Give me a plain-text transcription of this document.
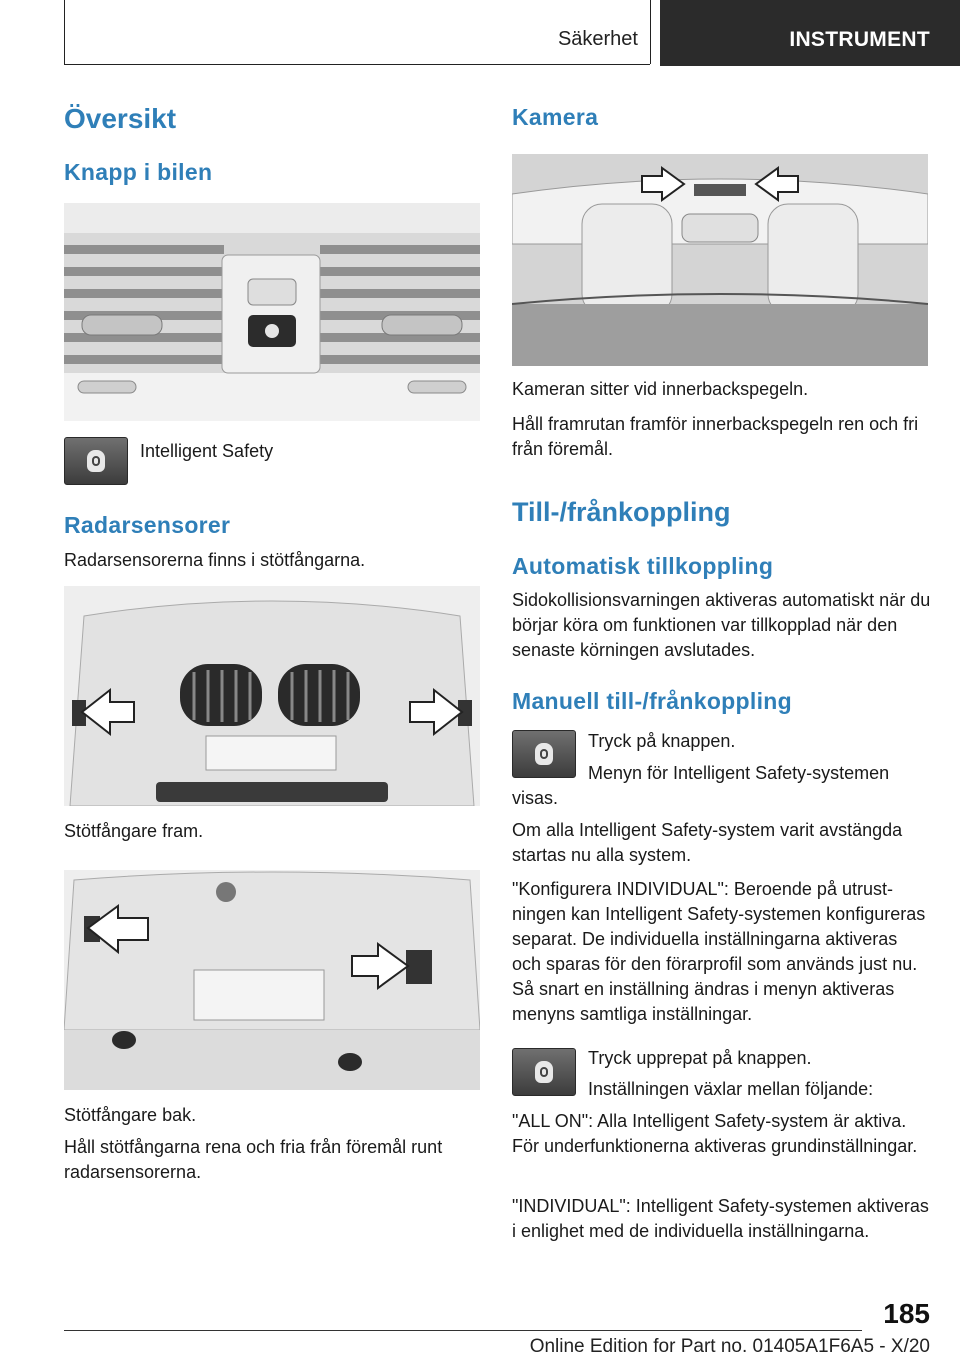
Säkerhet	INSTRUMENT
Översikt
Knapp i bilen

Intelligent Safety

Radarsensorer

Radarsensorerna finns i stötfångarna.

Stötfångare fram.

Stötfångare bak.

Håll stötfångarna rena och fria från föremål runt radarsensorerna.

Kamera

Kameran sitter vid innerbackspegeln.

Håll framrutan framför innerbackspegeln ren och fri från föremål.

Till-/frånkoppling
Automatisk tillkoppling

Sidokollisionsvarningen aktiveras automatiskt när du börjar köra om funktionen var tillkopplad när den senaste körningen avslutades.

Manuell till-/frånkoppling

Tryck på knappen.

Menyn för Intelligent Safety-systemen

visas.

Om alla Intelligent Safety-system varit avstängda startas nu alla system.

"Konfigurera INDIVIDUAL": Beroende på utrustningen kan Intelligent Safety-systemen konfigureras separat. De individuella inställningarna aktiveras och sparas för den förarprofil som används just nu. Så snart en inställning ändras i menyn aktiveras menyns samtliga inställningar.

Tryck upprepat på knappen.

Inställningen växlar mellan följande:

"ALL ON": Alla Intelligent Safety-system är aktiva. För underfunktionerna aktiveras grundinställningar.

"INDIVIDUAL": Intelligent Safety-systemen aktiveras i enlighet med de individuella inställningarna.

185
Online Edition for Part no. 01405A1F6A5 - X/20
